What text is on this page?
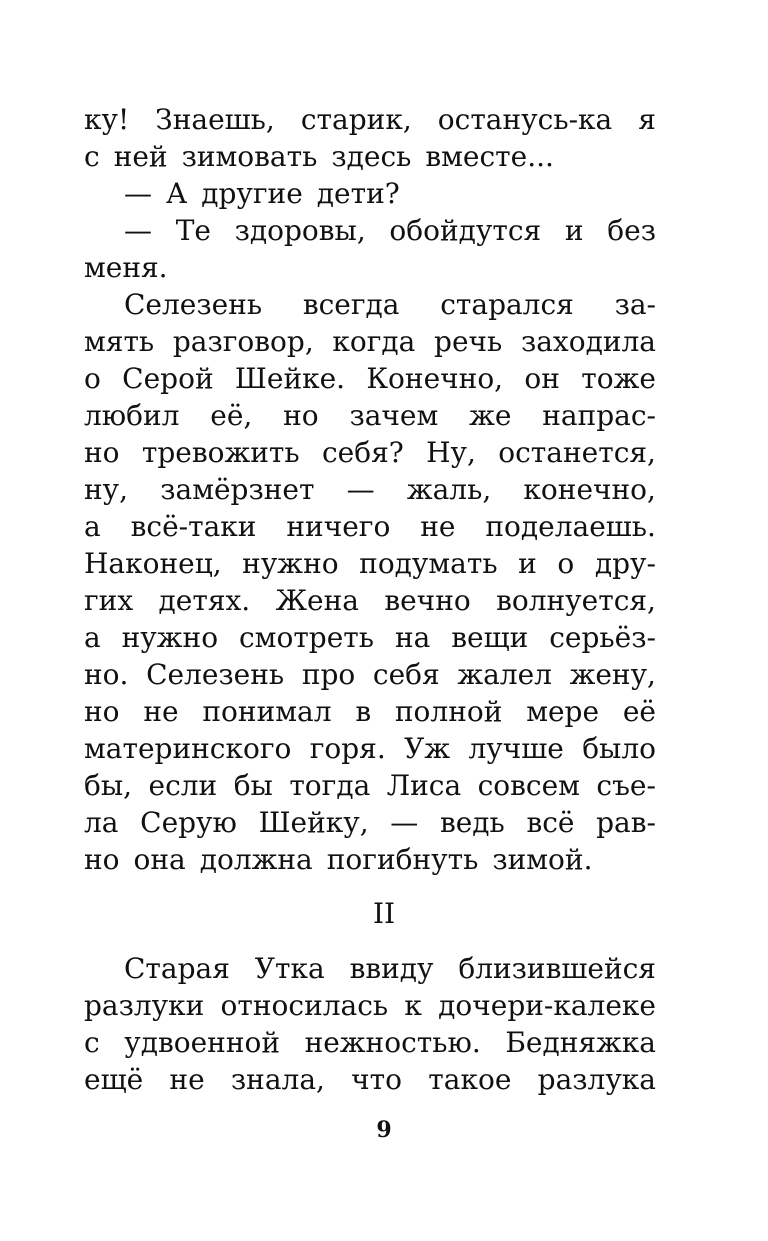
ку! Знаешь, старик, останусь-ка я
с ней зимовать здесь вместе...
— А другие дети?
— Те здоровы, обойдутся и без
меня.
Селезень всегда старался за-
мять разговор, когда речь заходила
о Серой Шейке. Конечно, он тоже
любил её, но зачем же напрас-
но тревожить себя? Ну, останется,
ну, замёрзнет — жаль, конечно,
а всё-таки ничего не поделаешь.
Наконец, нужно подумать и о дру-
гих детях. Жена вечно волнуется,
а нужно смотреть на вещи серьёз-
но. Селезень про себя жалел жену,
но не понимал в полной мере её
материнского горя. Уж лучше было
бы, если бы тогда Лиса совсем съе-
ла Серую Шейку, — ведь всё рав-
но она должна погибнуть зимой.
II
Старая Утка ввиду близившейся
разлуки относилась к дочери-калеке
с удвоенной нежностью. Бедняжка
ещё не знала, что такое разлука
9
